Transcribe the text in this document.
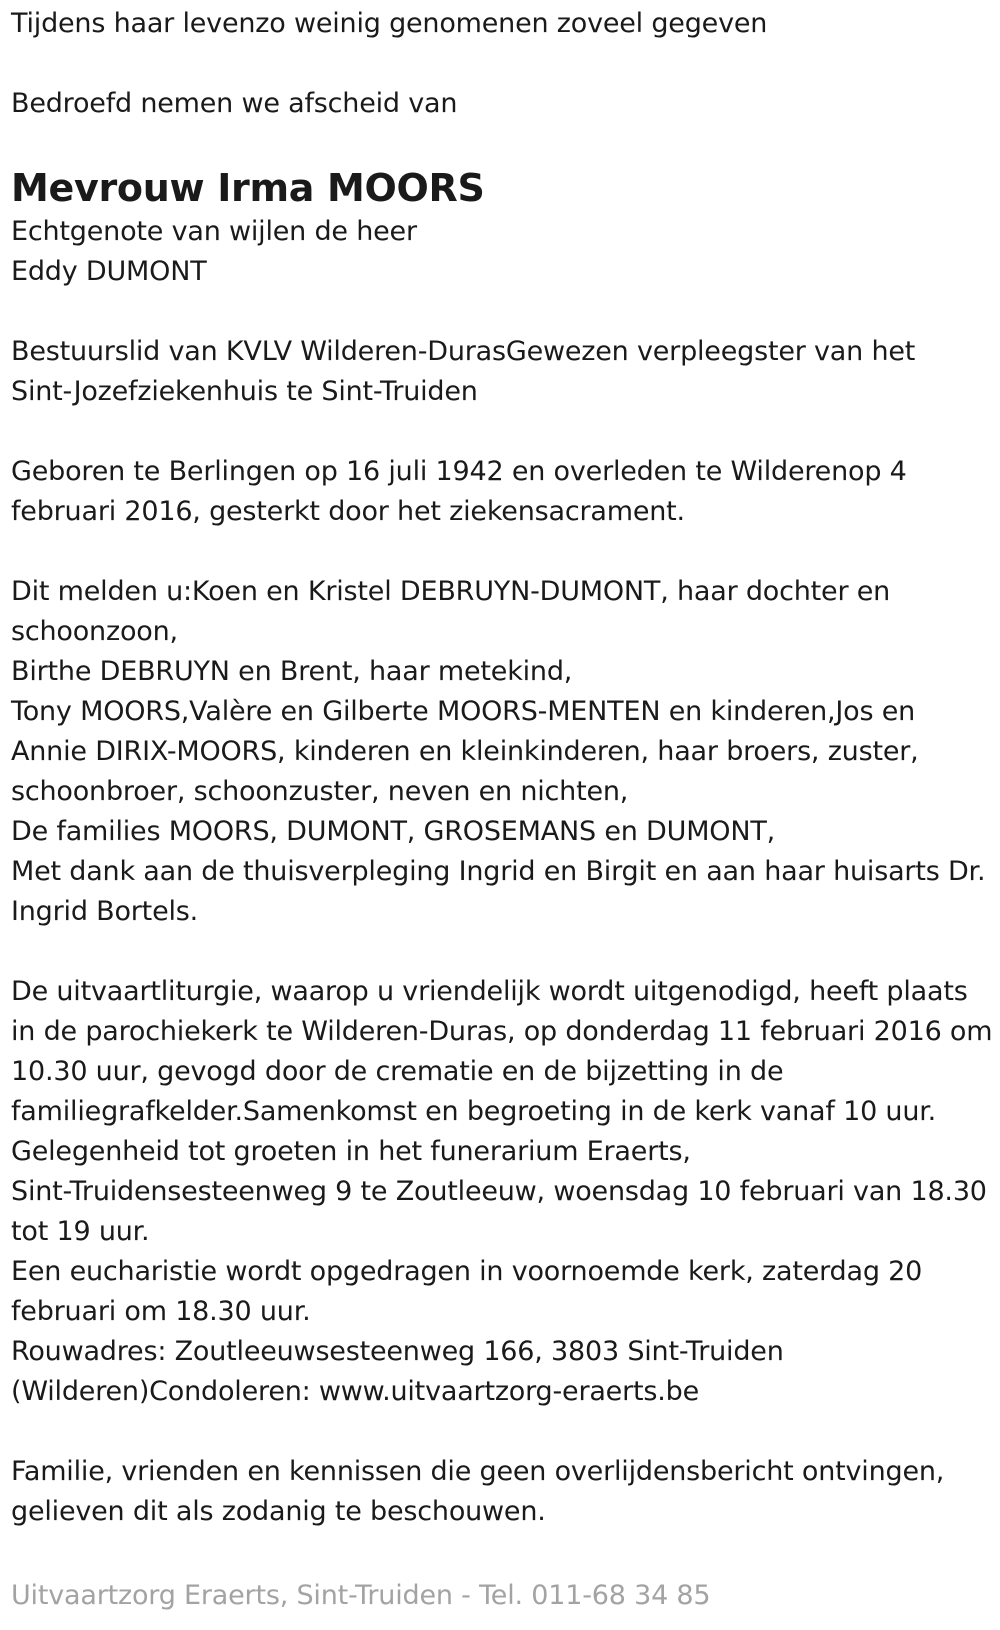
Tijdens haar levenzo weinig genomenen zoveel gegeven
Bedroefd nemen we afscheid van
Mevrouw Irma MOORS
Echtgenote van wijlen de heer
Eddy DUMONT
Bestuurslid van KVLV Wilderen-DurasGewezen verpleegster van het
Sint-Jozefziekenhuis te Sint-Truiden
Geboren te Berlingen op 16 juli 1942 en overleden te Wilderenop 4
februari 2016, gesterkt door het ziekensacrament.
Dit melden u:Koen en Kristel DEBRUYN-DUMONT, haar dochter en
schoonzoon,
Birthe DEBRUYN en Brent, haar metekind,
Tony MOORS,Valère en Gilberte MOORS-MENTEN en kinderen,Jos en
Annie DIRIX-MOORS, kinderen en kleinkinderen, haar broers, zuster,
schoonbroer, schoonzuster, neven en nichten,
De families MOORS, DUMONT, GROSEMANS en DUMONT,
Met dank aan de thuisverpleging Ingrid en Birgit en aan haar huisarts Dr.
Ingrid Bortels.
De uitvaartliturgie, waarop u vriendelijk wordt uitgenodigd, heeft plaats
in de parochiekerk te Wilderen-Duras, op donderdag 11 februari 2016 om
10.30 uur, gevogd door de crematie en de bijzetting in de
familiegrafkelder.Samenkomst en begroeting in de kerk vanaf 10 uur.
Gelegenheid tot groeten in het funerarium Eraerts,
Sint-Truidensesteenweg 9 te Zoutleeuw, woensdag 10 februari van 18.30
tot 19 uur.
Een eucharistie wordt opgedragen in voornoemde kerk, zaterdag 20
februari om 18.30 uur.
Rouwadres: Zoutleeuwsesteenweg 166, 3803 Sint-Truiden
(Wilderen)Condoleren: www.uitvaartzorg-eraerts.be
Familie, vrienden en kennissen die geen overlijdensbericht ontvingen,
gelieven dit als zodanig te beschouwen.
Uitvaartzorg Eraerts, Sint-Truiden - Tel. 011-68 34 85
